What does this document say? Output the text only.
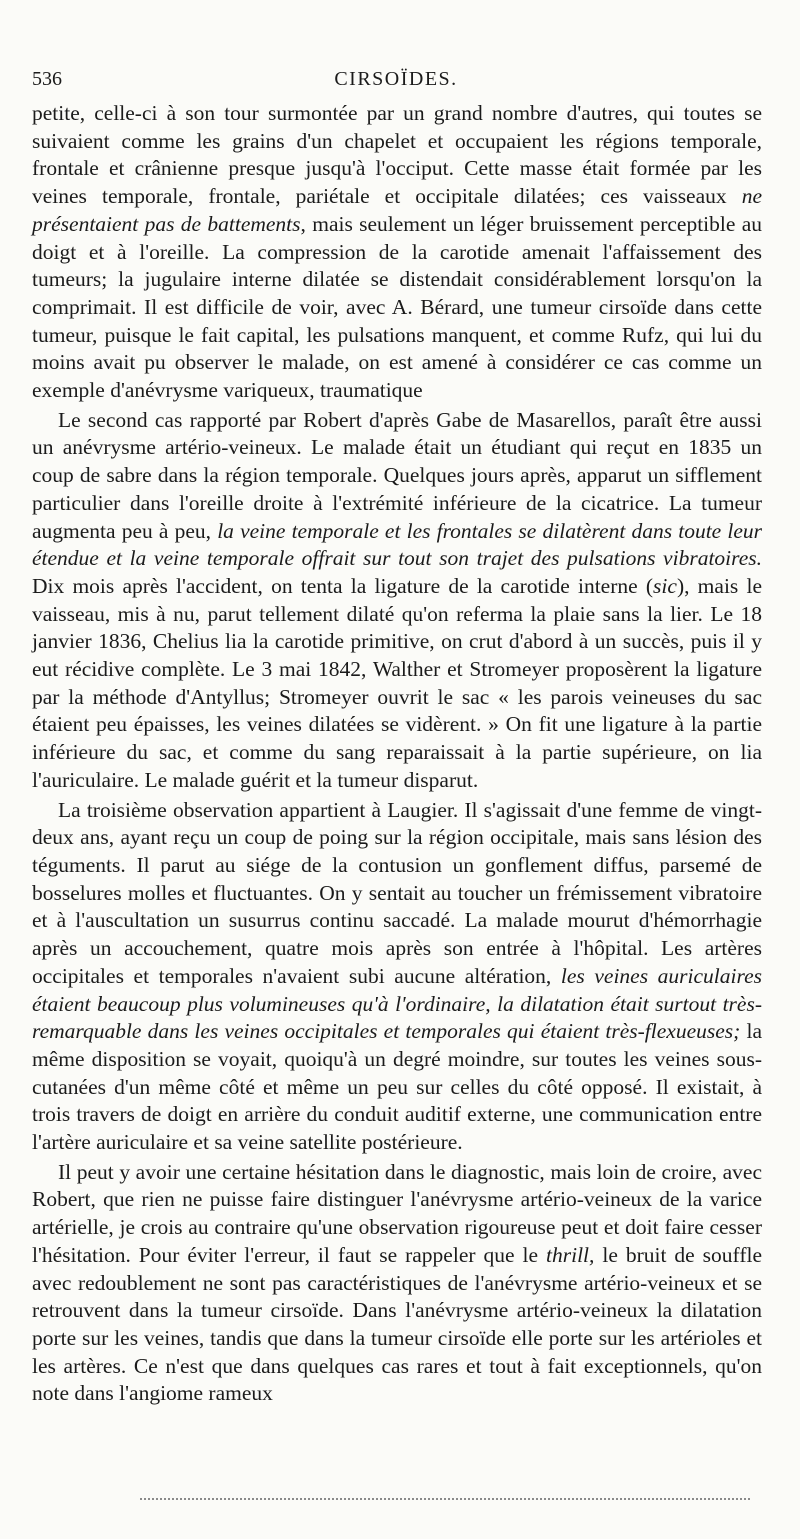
536	CIRSOÏDES.

petite, celle-ci à son tour surmontée par un grand nombre d'autres, qui toutes se suivaient comme les grains d'un chapelet et occupaient les régions temporale, frontale et crânienne presque jusqu'à l'occiput. Cette masse était formée par les veines temporale, frontale, pariétale et occipitale dilatées; ces vaisseaux ne présentaient pas de battements, mais seulement un léger bruissement perceptible au doigt et à l'oreille. La compression de la carotide amenait l'affaissement des tumeurs; la jugulaire interne dilatée se distendait considérablement lorsqu'on la comprimait. Il est difficile de voir, avec A. Bérard, une tumeur cirsoïde dans cette tumeur, puisque le fait capital, les pulsations manquent, et comme Rufz, qui lui du moins avait pu observer le malade, on est amené à considérer ce cas comme un exemple d'anévrysme variqueux, traumatique

Le second cas rapporté par Robert d'après Gabe de Masarellos, paraît être aussi un anévrysme artério-veineux. Le malade était un étudiant qui reçut en 1835 un coup de sabre dans la région temporale. Quelques jours après, apparut un sifflement particulier dans l'oreille droite à l'extrémité inférieure de la cicatrice. La tumeur augmenta peu à peu, la veine temporale et les frontales se dilatèrent dans toute leur étendue et la veine temporale offrait sur tout son trajet des pulsations vibratoires. Dix mois après l'accident, on tenta la ligature de la carotide interne (sic), mais le vaisseau, mis à nu, parut tellement dilaté qu'on referma la plaie sans la lier. Le 18 janvier 1836, Chelius lia la carotide primitive, on crut d'abord à un succès, puis il y eut récidive complète. Le 3 mai 1842, Walther et Stromeyer proposèrent la ligature par la méthode d'Antyllus; Stromeyer ouvrit le sac « les parois veineuses du sac étaient peu épaisses, les veines dilatées se vidèrent. » On fit une ligature à la partie inférieure du sac, et comme du sang reparaissait à la partie supérieure, on lia l'auriculaire. Le malade guérit et la tumeur disparut.

La troisième observation appartient à Laugier. Il s'agissait d'une femme de vingt-deux ans, ayant reçu un coup de poing sur la région occipitale, mais sans lésion des téguments. Il parut au siége de la contusion un gonflement diffus, parsemé de bosselures molles et fluctuantes. On y sentait au toucher un frémissement vibratoire et à l'auscultation un susurrus continu saccadé. La malade mourut d'hémorrhagie après un accouchement, quatre mois après son entrée à l'hôpital. Les artères occipitales et temporales n'avaient subi aucune altération, les veines auriculaires étaient beaucoup plus volumineuses qu'à l'ordinaire, la dilatation était surtout très-remarquable dans les veines occipitales et temporales qui étaient très-flexueuses; la même disposition se voyait, quoiqu'à un degré moindre, sur toutes les veines sous-cutanées d'un même côté et même un peu sur celles du côté opposé. Il existait, à trois travers de doigt en arrière du conduit auditif externe, une communication entre l'artère auriculaire et sa veine satellite postérieure.

Il peut y avoir une certaine hésitation dans le diagnostic, mais loin de croire, avec Robert, que rien ne puisse faire distinguer l'anévrysme artério-veineux de la varice artérielle, je crois au contraire qu'une observation rigoureuse peut et doit faire cesser l'hésitation. Pour éviter l'erreur, il faut se rappeler que le thrill, le bruit de souffle avec redoublement ne sont pas caractéristiques de l'anévrysme artério-veineux et se retrouvent dans la tumeur cirsoïde. Dans l'anévrysme artério-veineux la dilatation porte sur les veines, tandis que dans la tumeur cirsoïde elle porte sur les artérioles et les artères. Ce n'est que dans quelques cas rares et tout à fait exceptionnels, qu'on note dans l'angiome rameux
